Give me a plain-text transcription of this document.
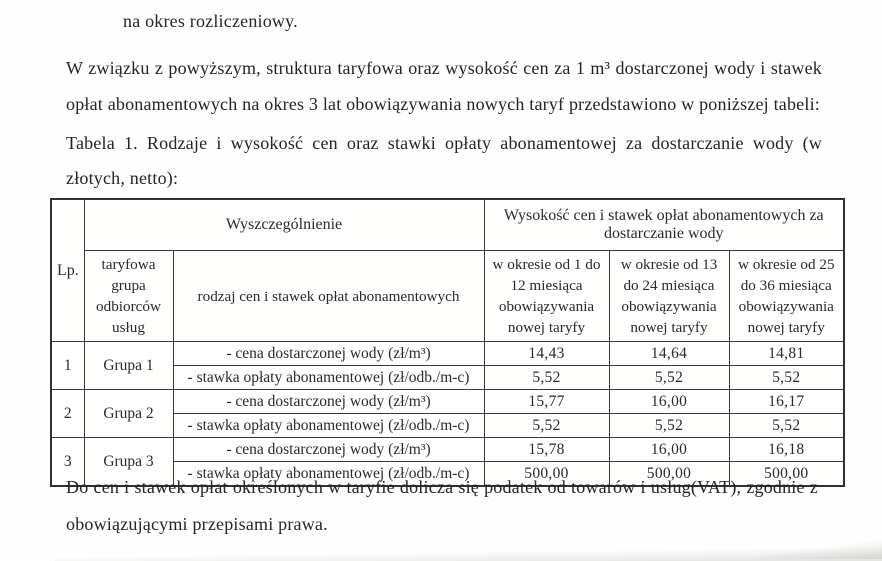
na okres rozliczeniowy.
W związku z powyższym, struktura taryfowa oraz wysokość cen za 1 m³ dostarczonej wody i stawek opłat abonamentowych na okres 3 lat obowiązywania nowych taryf przedstawiono w poniższej tabeli:
Tabela 1. Rodzaje i wysokość cen oraz stawki opłaty abonamentowej za dostarczanie wody (w złotych, netto):
Lp.	Wyszczególnienie		Wysokość cen i stawek opłat abonamentowych za dostarczanie wody		
	taryfowa grupa odbiorców usług	rodzaj cen i stawek opłat abonamentowych	w okresie od 1 do 12 miesiąca obowiązywania nowej taryfy	w okresie od 13 do 24 miesiąca obowiązywania nowej taryfy	w okresie od 25 do 36 miesiąca obowiązywania nowej taryfy
1	Grupa 1	- cena dostarczonej wody (zł/m³)	14,43	14,64	14,81
		- stawka opłaty abonamentowej (zł/odb./m-c)	5,52	5,52	5,52
2	Grupa 2	- cena dostarczonej wody (zł/m³)	15,77	16,00	16,17
		- stawka opłaty abonamentowej (zł/odb./m-c)	5,52	5,52	5,52
3	Grupa 3	- cena dostarczonej wody (zł/m³)	15,78	16,00	16,18
		- stawka opłaty abonamentowej (zł/odb./m-c)	500,00	500,00	500,00
Do cen i stawek opłat określonych w taryfie dolicza się podatek od towarów i usług(VAT), zgodnie z obowiązującymi przepisami prawa.
